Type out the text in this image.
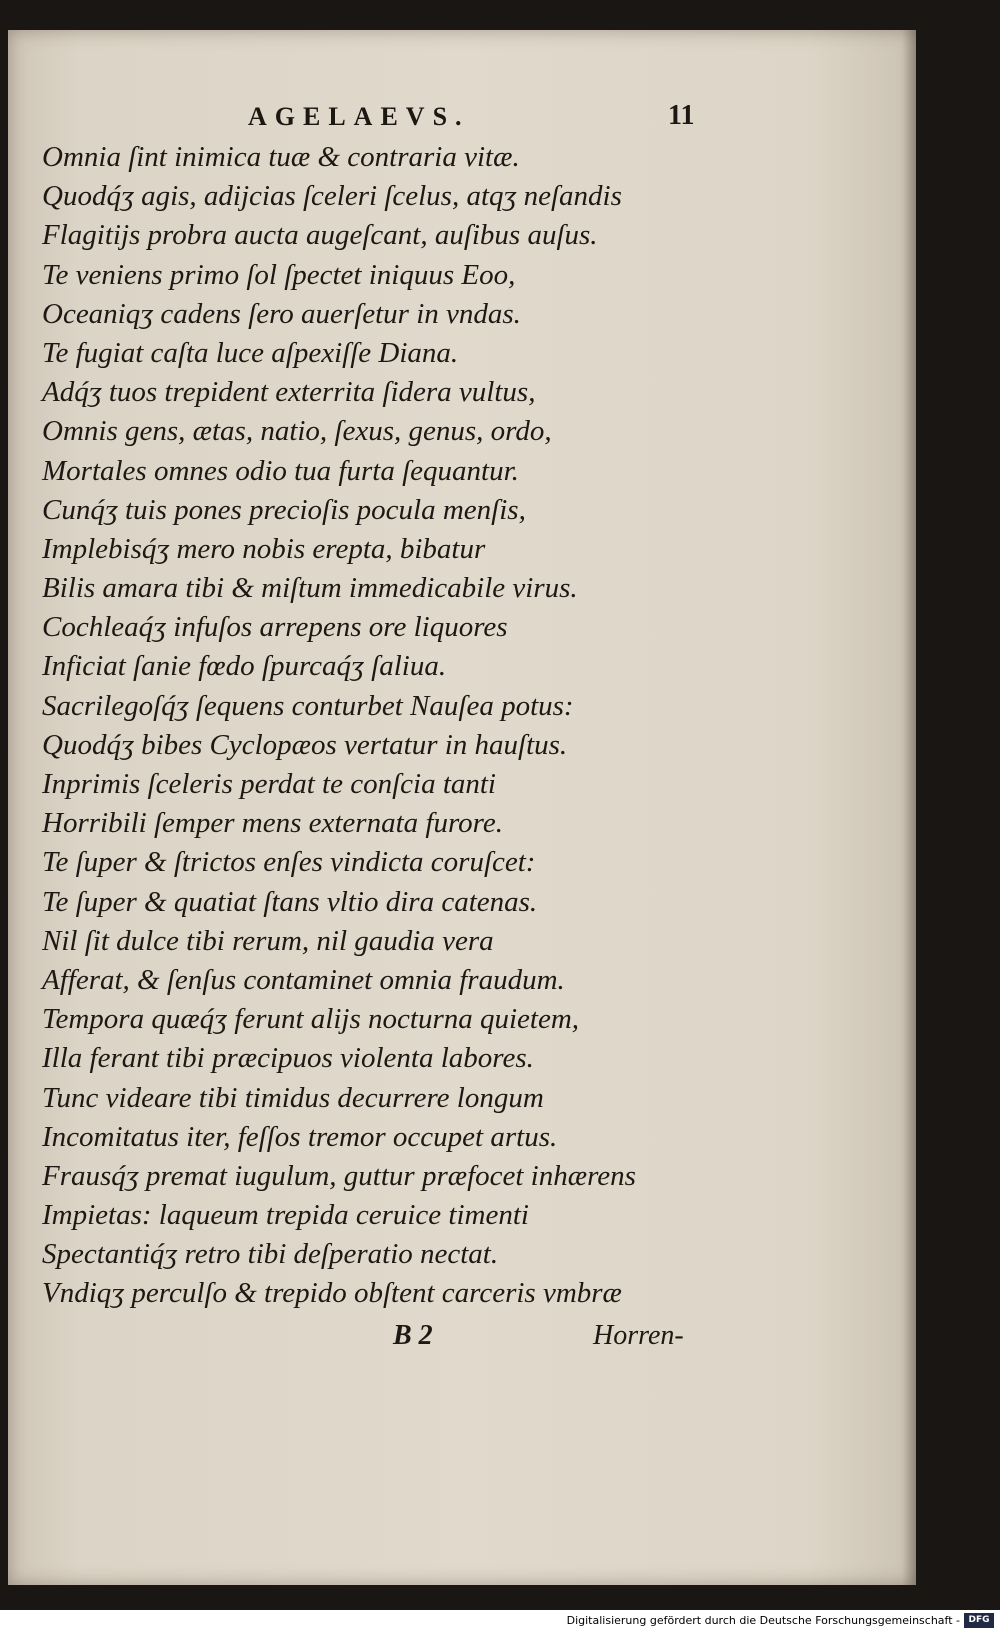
AGELAEVS.	11
Omnia ſint inimica tuæ & contraria vitæ.
Quodq́ʒ agis, adijcias ſceleri ſcelus, atqʒ neſandis
Flagitijs probra aucta augeſcant, auſibus auſus.
Te veniens primo ſol ſpectet iniquus Eoo,
Oceaniqʒ cadens ſero auerſetur in vndas.
Te fugiat caſta luce aſpexiſſe Diana.
Adq́ʒ tuos trepident exterrita ſidera vultus,
Omnis gens, ætas, natio, ſexus, genus, ordo,
Mortales omnes odio tua furta ſequantur.
Cunq́ʒ tuis pones precioſis pocula menſis,
Implebisq́ʒ mero nobis erepta, bibatur
Bilis amara tibi & miſtum immedicabile virus.
Cochleaq́ʒ infuſos arrepens ore liquores
Inficiat ſanie fœdo ſpurcaq́ʒ ſaliua.
Sacrilegoſq́ʒ ſequens conturbet Nauſea potus:
Quodq́ʒ bibes Cyclopæos vertatur in hauſtus.
Inprimis ſceleris perdat te conſcia tanti
Horribili ſemper mens externata furore.
Te ſuper & ſtrictos enſes vindicta coruſcet:
Te ſuper & quatiat ſtans vltio dira catenas.
Nil ſit dulce tibi rerum, nil gaudia vera
Afferat, & ſenſus contaminet omnia fraudum.
Tempora quæq́ʒ ferunt alijs nocturna quietem,
Illa ferant tibi præcipuos violenta labores.
Tunc videare tibi timidus decurrere longum
Incomitatus iter, feſſos tremor occupet artus.
Frausq́ʒ premat iugulum, guttur præfocet inhærens
Impietas: laqueum trepida ceruice timenti
Spectantiq́ʒ retro tibi deſperatio nectat.
Vndiqʒ perculſo & trepido obſtent carceris vmbræ
B 2	Horren-
Digitalisierung gefördert durch die Deutsche Forschungsgemeinschaft - DFG
